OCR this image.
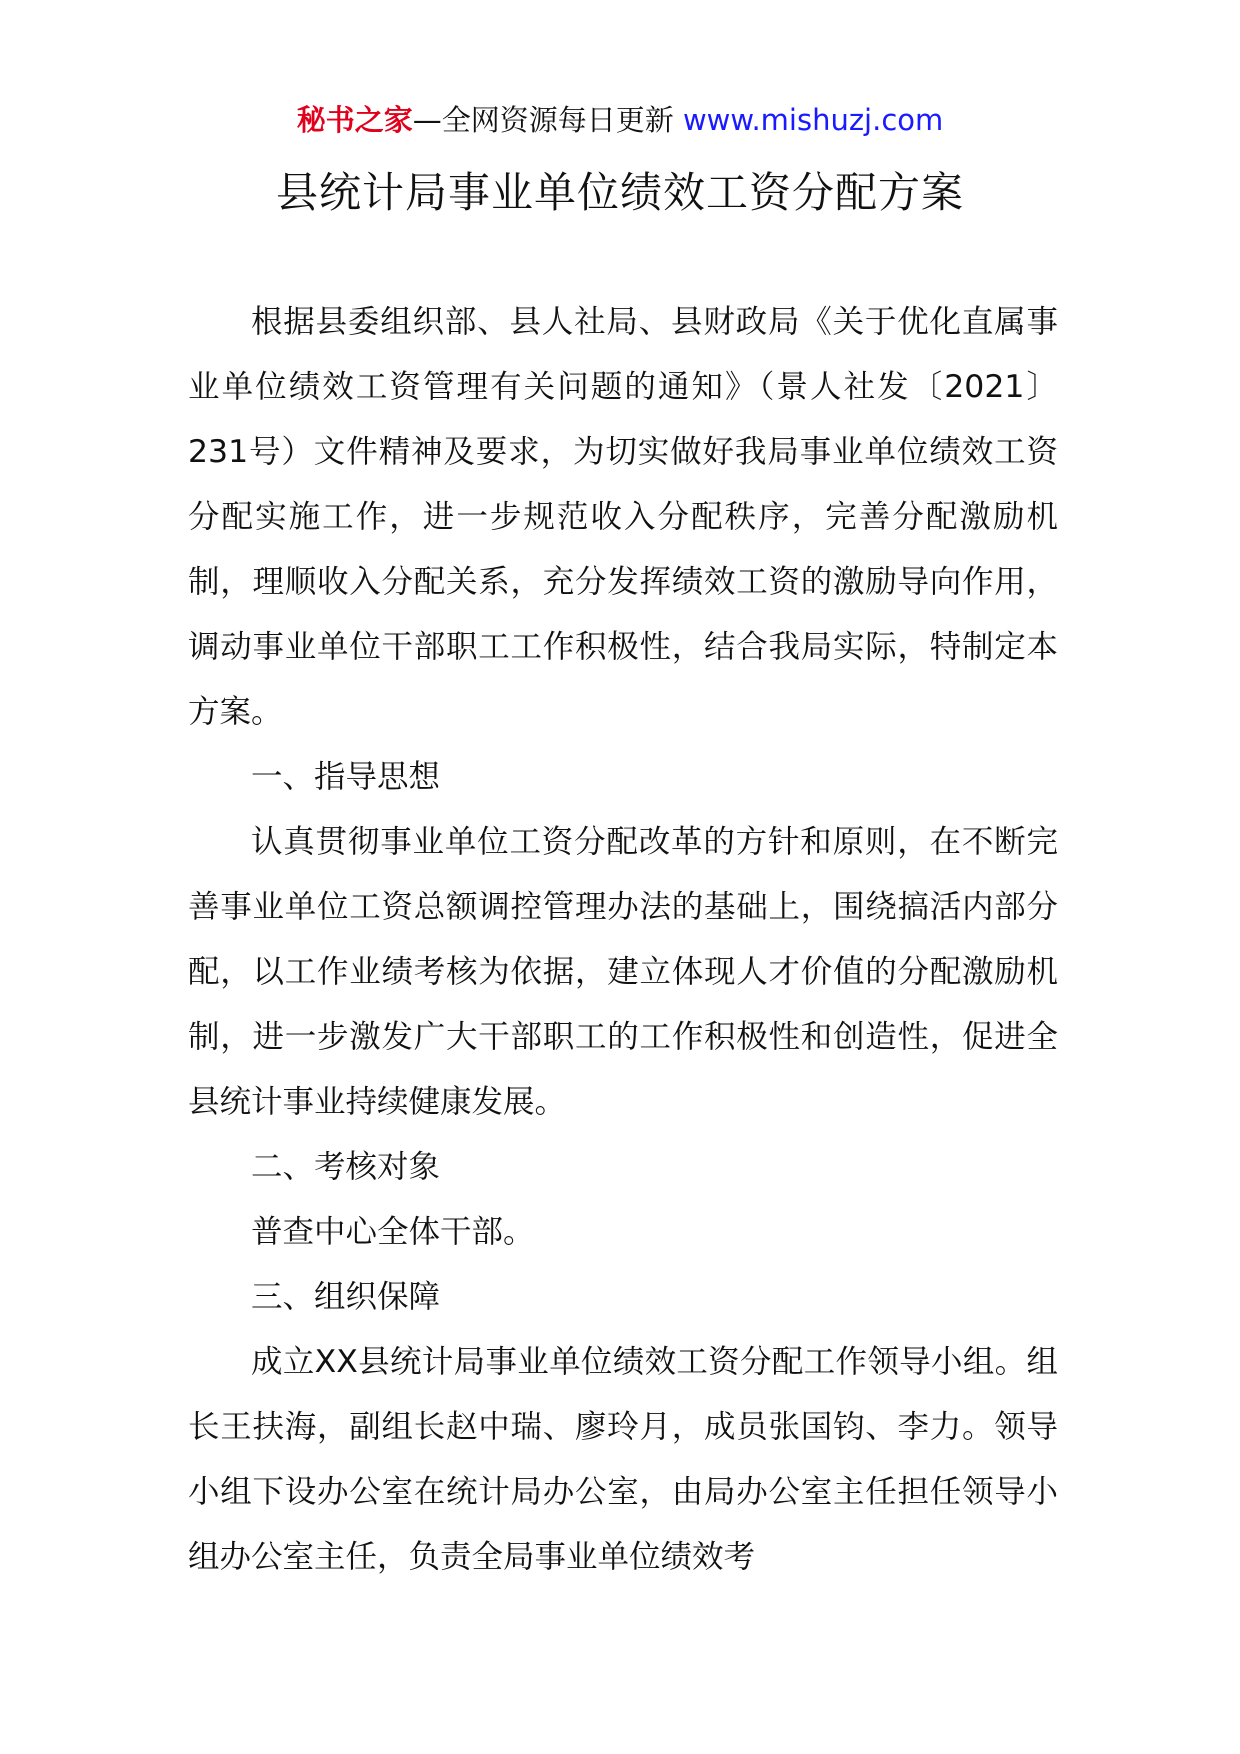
秘书之家—全网资源每日更新 www.mishuzj.com
县统计局事业单位绩效工资分配方案

根据县委组织部、县人社局、县财政局《关于优化直属事业单位绩效工资管理有关问题的通知》（景人社发〔2021〕231号）文件精神及要求，为切实做好我局事业单位绩效工资分配实施工作，进一步规范收入分配秩序，完善分配激励机制，理顺收入分配关系，充分发挥绩效工资的激励导向作用，调动事业单位干部职工工作积极性，结合我局实际，特制定本方案。

一、指导思想

认真贯彻事业单位工资分配改革的方针和原则，在不断完善事业单位工资总额调控管理办法的基础上，围绕搞活内部分配，以工作业绩考核为依据，建立体现人才价值的分配激励机制，进一步激发广大干部职工的工作积极性和创造性，促进全县统计事业持续健康发展。

二、考核对象

普查中心全体干部。

三、组织保障

成立XX县统计局事业单位绩效工资分配工作领导小组。组长王扶海，副组长赵中瑞、廖玲月，成员张国钧、李力。领导小组下设办公室在统计局办公室，由局办公室主任担任领导小组办公室主任，负责全局事业单位绩效考
